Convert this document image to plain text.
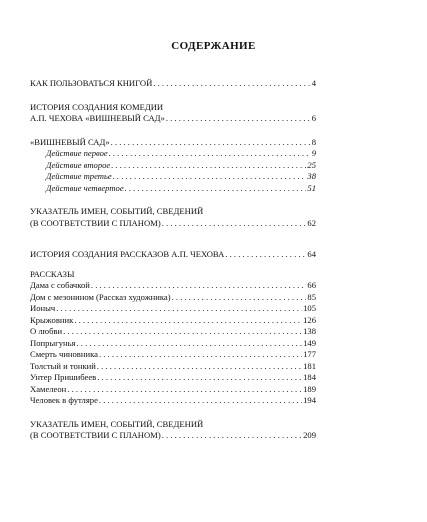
СОДЕРЖАНИЕ
КАК ПОЛЬЗОВАТЬСЯ КНИГОЙ . . .	4
ИСТОРИЯ СОЗДАНИЯ КОМЕДИИ
А.П. ЧЕХОВА «ВИШНЕВЫЙ САД» . . .	6
«ВИШНЕВЫЙ САД» . . .	8
Действие первое . . .	9
Действие второе . . .	25
Действие третье . . .	38
Действие четвертое . . .	51
УКАЗАТЕЛЬ ИМЕН, СОБЫТИЙ, СВЕДЕНИЙ
(В СООТВЕТСТВИИ С ПЛАНОМ) . . .	62
ИСТОРИЯ СОЗДАНИЯ РАССКАЗОВ А.П. ЧЕХОВА . . .	64
РАССКАЗЫ
Дама с собачкой . . .	66
Дом с мезонином (Рассказ художника) . . .	85
Ионыч . . .	105
Крыжовник . . .	126
О любви . . .	138
Попрыгунья . . .	149
Смерть чиновника . . .	177
Толстый и тонкий . . .	181
Унтер Пришибеев . . .	184
Хамелеон . . .	189
Человек в футляре . . .	194
УКАЗАТЕЛЬ ИМЕН, СОБЫТИЙ, СВЕДЕНИЙ
(В СООТВЕТСТВИИ С ПЛАНОМ) . . .	209
